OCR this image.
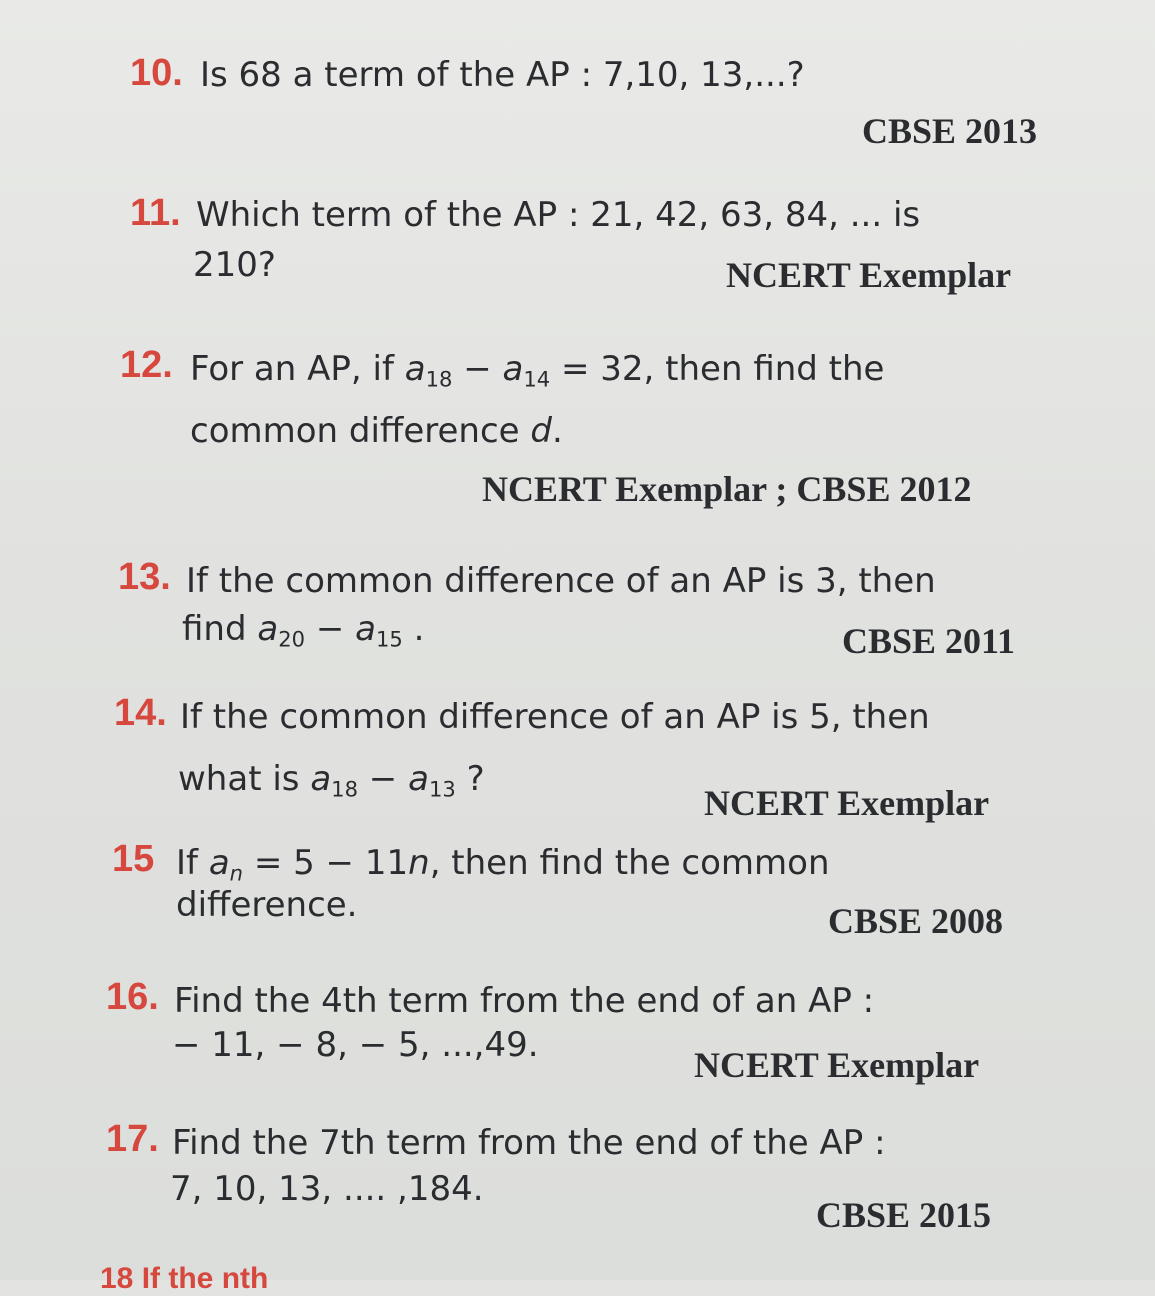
10. Is 68 a term of the AP : 7,10, 13,...?
CBSE 2013
11. Which term of the AP : 21, 42, 63, 84, ... is
210?	NCERT Exemplar
12. For an AP, if $a_{18} - a_{14} = 32$, then find the
common difference d.
NCERT Exemplar ; CBSE 2012
13. If the common difference of an AP is 3, then
find $a_{20} - a_{15}$ .	CBSE 2011
14. If the common difference of an AP is 5, then
what is $a_{18} - a_{13}$ ?
NCERT Exemplar
15 If $a_n = 5 - 11n$, then find the common
difference.	CBSE 2008
16. Find the 4th term from the end of an AP :
− 11, − 8, − 5, ...,49.	NCERT Exemplar
17. Find the 7th term from the end of the AP :
7, 10, 13, .... ,184.
CBSE 2015
18 If the nth
